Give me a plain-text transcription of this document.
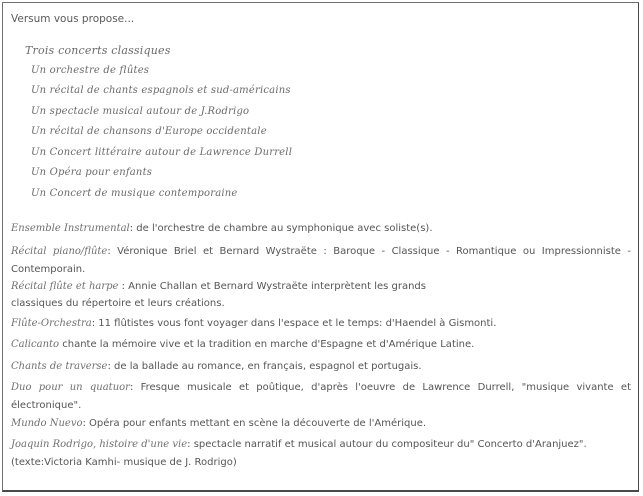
Versum vous propose...
Trois concerts classiques
Un orchestre de flûtes
Un récital de chants espagnols et sud-américains
Un spectacle musical autour de J.Rodrigo
Un récital de chansons d'Europe occidentale
Un Concert littéraire autour de Lawrence Durrell
Un Opéra pour enfants
Un Concert de musique contemporaine
Ensemble Instrumental: de l'orchestre de chambre au symphonique avec soliste(s).
Récital piano/flûte: Véronique Briel et Bernard Wystraëte : Baroque - Classique - Romantique ou Impressionniste - Contemporain.
Récital flûte et harpe : Annie Challan et Bernard Wystraëte interprètent les grands
classiques du répertoire et leurs créations.
Flûte-Orchestra: 11 flûtistes vous font voyager dans l'espace et le temps: d'Haendel à Gismonti.
Calicanto chante la mémoire vive et la tradition en marche d'Espagne et d'Amérique Latine.
Chants de traverse: de la ballade au romance, en français, espagnol et portugais.
Duo pour un quatuor: Fresque musicale et poûtique, d'après l'oeuvre de Lawrence Durrell, "musique vivante et électronique".
Mundo Nuevo: Opéra pour enfants mettant en scène la découverte de l'Amérique.
Joaquin Rodrigo, histoire d'une vie: spectacle narratif et musical autour du compositeur du" Concerto d'Aranjuez".
(texte:Victoria Kamhi- musique de J. Rodrigo)
